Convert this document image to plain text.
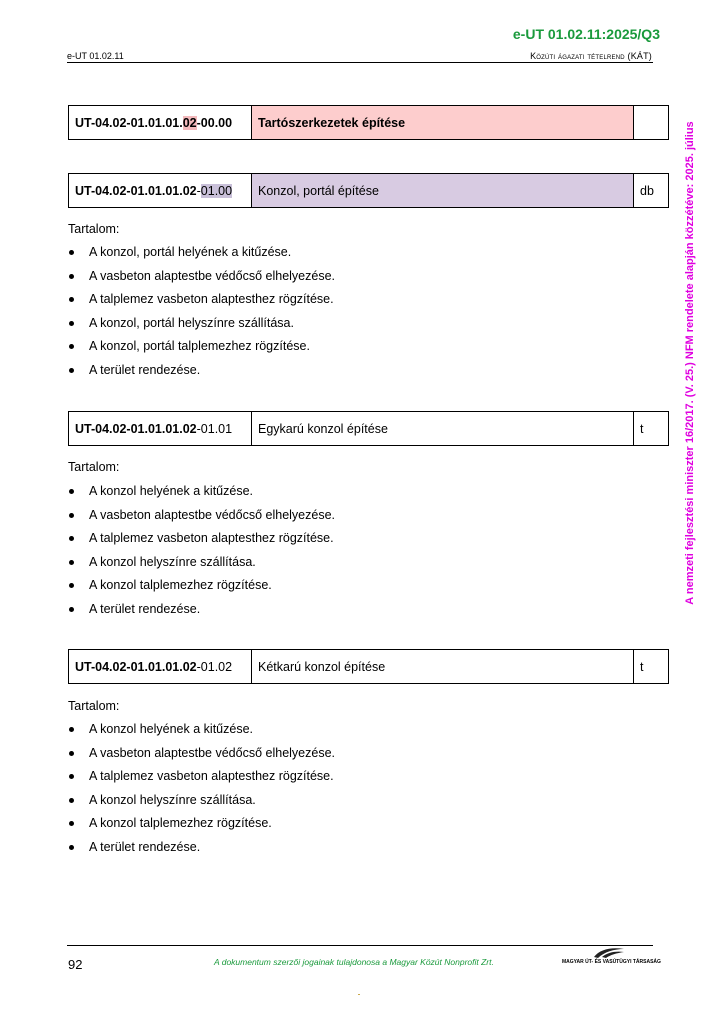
e-UT 01.02.11:2025/Q3
e-UT 01.02.11	Közúti ágazati tételrend (KÁT)
A nemzeti fejlesztési miniszter 16/2017. (V. 25.) NFM rendelete alapján közzétéve: 2025. július
UT-04.02-01.01.01.02-00.00	Tartószerkezetek építése	
UT-04.02-01.01.01.02-01.00	Konzol, portál építése	db
Tartalom:
A konzol, portál helyének a kitűzése.
A vasbeton alaptestbe védőcső elhelyezése.
A talplemez vasbeton alaptesthez rögzítése.
A konzol, portál helyszínre szállítása.
A konzol, portál talplemezhez rögzítése.
A terület rendezése.
UT-04.02-01.01.01.02-01.01	Egykarú konzol építése	t
Tartalom:
A konzol helyének a kitűzése.
A vasbeton alaptestbe védőcső elhelyezése.
A talplemez vasbeton alaptesthez rögzítése.
A konzol helyszínre szállítása.
A konzol talplemezhez rögzítése.
A terület rendezése.
UT-04.02-01.01.01.02-01.02	Kétkarú konzol építése	t
Tartalom:
A konzol helyének a kitűzése.
A vasbeton alaptestbe védőcső elhelyezése.
A talplemez vasbeton alaptesthez rögzítése.
A konzol helyszínre szállítása.
A konzol talplemezhez rögzítése.
A terület rendezése.
92	A dokumentum szerzői jogainak tulajdonosa a Magyar Közút Nonprofit Zrt.	MAGYAR ÚT- ÉS VASÚTÜGYI TÁRSASÁG
